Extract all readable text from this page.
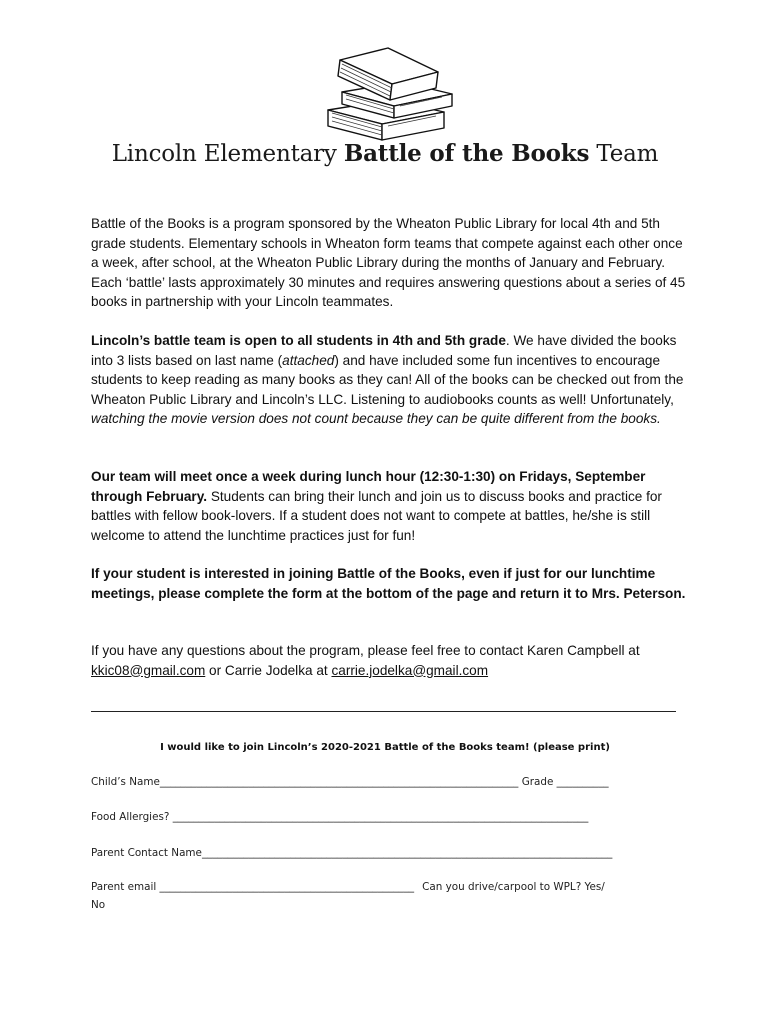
Lincoln Elementary Battle of the Books Team

Battle of the Books is a program sponsored by the Wheaton Public Library for local 4th and 5th grade students. Elementary schools in Wheaton form teams that compete against each other once a week, after school, at the Wheaton Public Library during the months of January and February. Each ‘battle’ lasts approximately 30 minutes and requires answering questions about a series of 45 books in partnership with your Lincoln teammates.

Lincoln’s battle team is open to all students in 4th and 5th grade. We have divided the books into 3 lists based on last name (attached) and have included some fun incentives to encourage students to keep reading as many books as they can! All of the books can be checked out from the Wheaton Public Library and Lincoln’s LLC. Listening to audiobooks counts as well! Unfortunately, watching the movie version does not count because they can be quite different from the books.

Our team will meet once a week during lunch hour (12:30-1:30) on Fridays, September through February. Students can bring their lunch and join us to discuss books and practice for battles with fellow book-lovers. If a student does not want to compete at battles, he/she is still welcome to attend the lunchtime practices just for fun!

If your student is interested in joining Battle of the Books, even if just for our lunchtime meetings, please complete the form at the bottom of the page and return it to Mrs. Peterson.

If you have any questions about the program, please feel free to contact Karen Campbell at kkic08@gmail.com or Carrie Jodelka at carrie.jodelka@gmail.com

I would like to join Lincoln’s 2020-2021 Battle of the Books team! (please print)
Child’s Name_____________________________________________________________________ Grade __________
Food Allergies? ________________________________________________________________________________
Parent Contact Name_______________________________________________________________________________
Parent email _________________________________________________ Can you drive/carpool to WPL? Yes/
No
